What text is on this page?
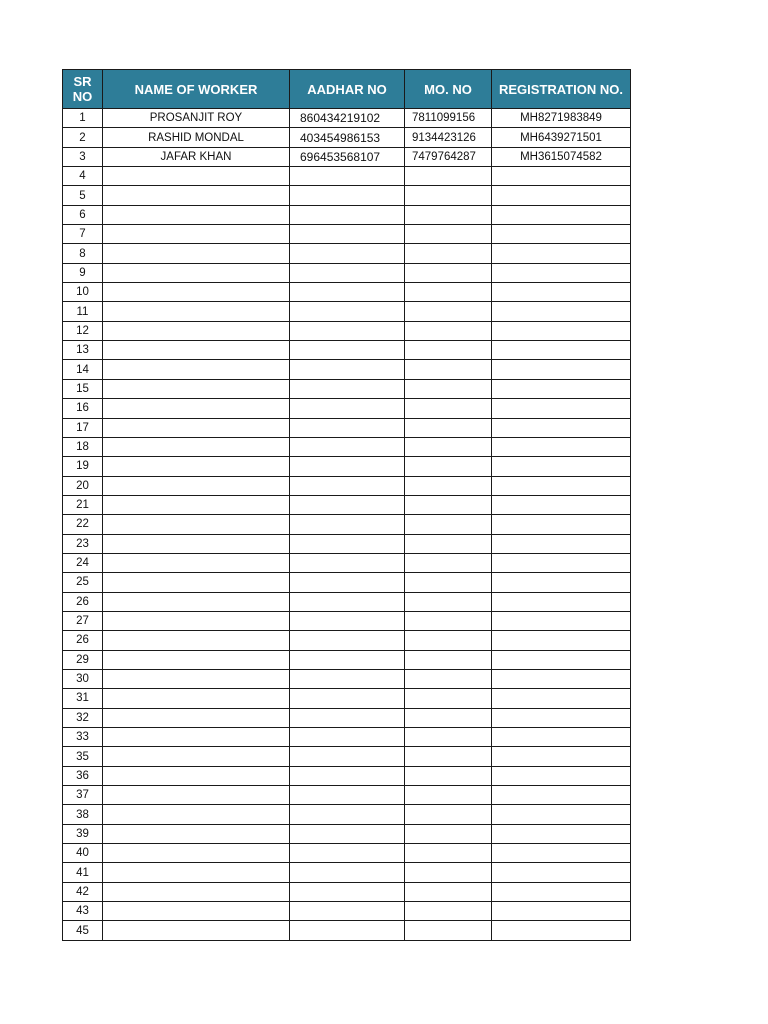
SR NO	NAME OF WORKER	AADHAR NO	MO. NO	REGISTRATION NO.
1	PROSANJIT ROY	860434219102	7811099156	MH8271983849
2	RASHID MONDAL	403454986153	9134423126	MH6439271501
3	JAFAR KHAN	696453568107	7479764287	MH3615074582
4				
5				
6				
7				
8				
9				
10				
11				
12				
13				
14				
15				
16				
17				
18				
19				
20				
21				
22				
23				
24				
25				
26				
27				
26				
29				
30				
31				
32				
33				
35				
36				
37				
38				
39				
40				
41				
42				
43				
45				
